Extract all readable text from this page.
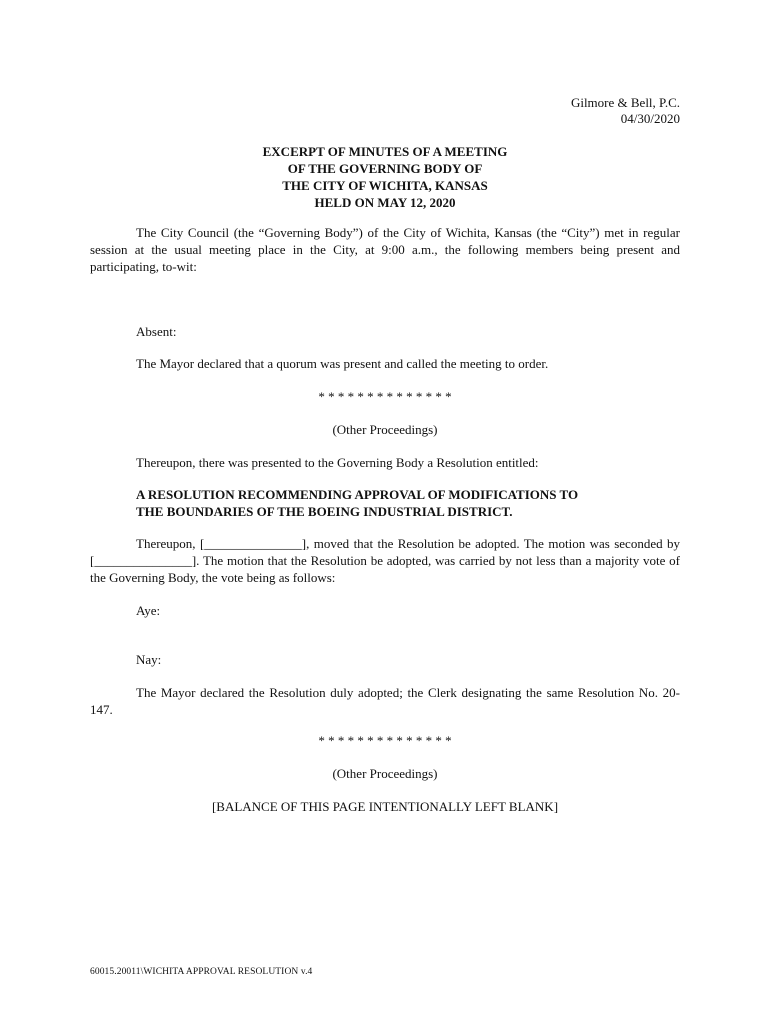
Gilmore & Bell, P.C.
04/30/2020
EXCERPT OF MINUTES OF A MEETING
OF THE GOVERNING BODY OF
THE CITY OF WICHITA, KANSAS
HELD ON MAY 12, 2020
The City Council (the “Governing Body”) of the City of Wichita, Kansas (the “City”) met in regular session at the usual meeting place in the City, at 9:00 a.m., the following members being present and participating, to-wit:
Absent:
The Mayor declared that a quorum was present and called the meeting to order.
* * * * * * * * * * * * * *
(Other Proceedings)
Thereupon, there was presented to the Governing Body a Resolution entitled:
A RESOLUTION RECOMMENDING APPROVAL OF MODIFICATIONS TO
THE BOUNDARIES OF THE BOEING INDUSTRIAL DISTRICT.
Thereupon, [_______________], moved that the Resolution be adopted. The motion was seconded by [_______________]. The motion that the Resolution be adopted, was carried by not less than a majority vote of the Governing Body, the vote being as follows:
Aye:
Nay:
The Mayor declared the Resolution duly adopted; the Clerk designating the same Resolution No. 20-147.
* * * * * * * * * * * * * *
(Other Proceedings)
[BALANCE OF THIS PAGE INTENTIONALLY LEFT BLANK]
60015.20011\WICHITA APPROVAL RESOLUTION v.4
